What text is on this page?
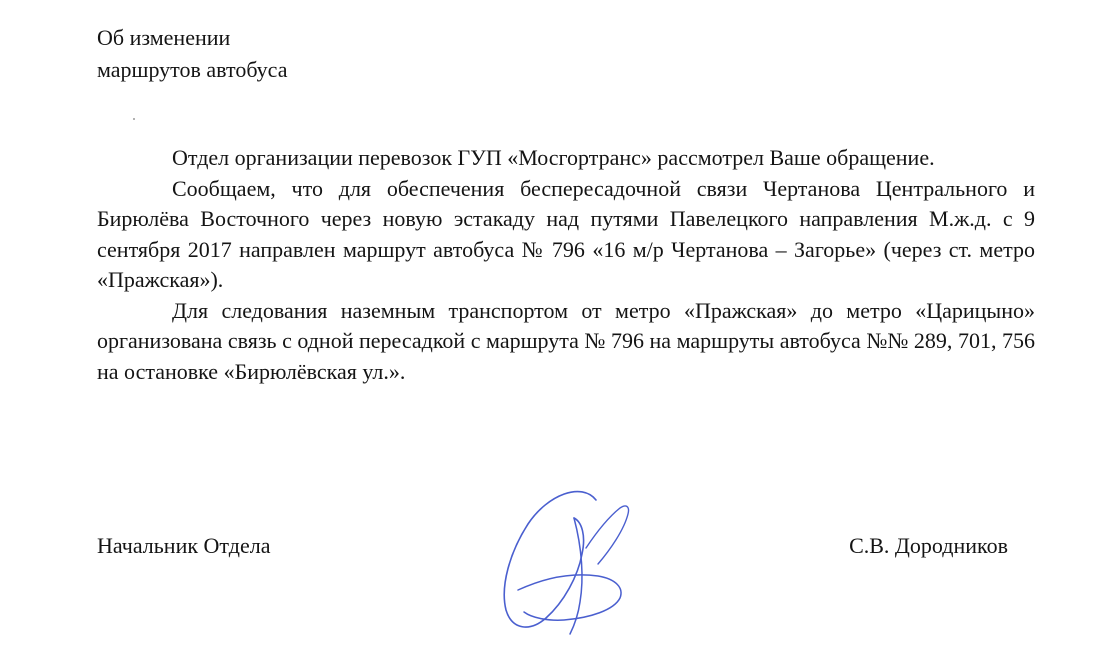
Об изменении
маршрутов автобуса

Отдел организации перевозок ГУП «Мосгортранс» рассмотрел Ваше обращение.

Сообщаем, что для обеспечения беспересадочной связи Чертанова Центрального и Бирюлёва Восточного через новую эстакаду над путями Павелецкого направления М.ж.д. с 9 сентября 2017 направлен маршрут автобуса № 796 «16 м/р Чертанова – Загорье» (через ст. метро «Пражская»).

Для следования наземным транспортом от метро «Пражская» до метро «Царицыно» организована связь с одной пересадкой с маршрута № 796 на маршруты автобуса №№ 289, 701, 756 на остановке «Бирюлёвская ул.».

Начальник Отдела	С.В. Дородников
